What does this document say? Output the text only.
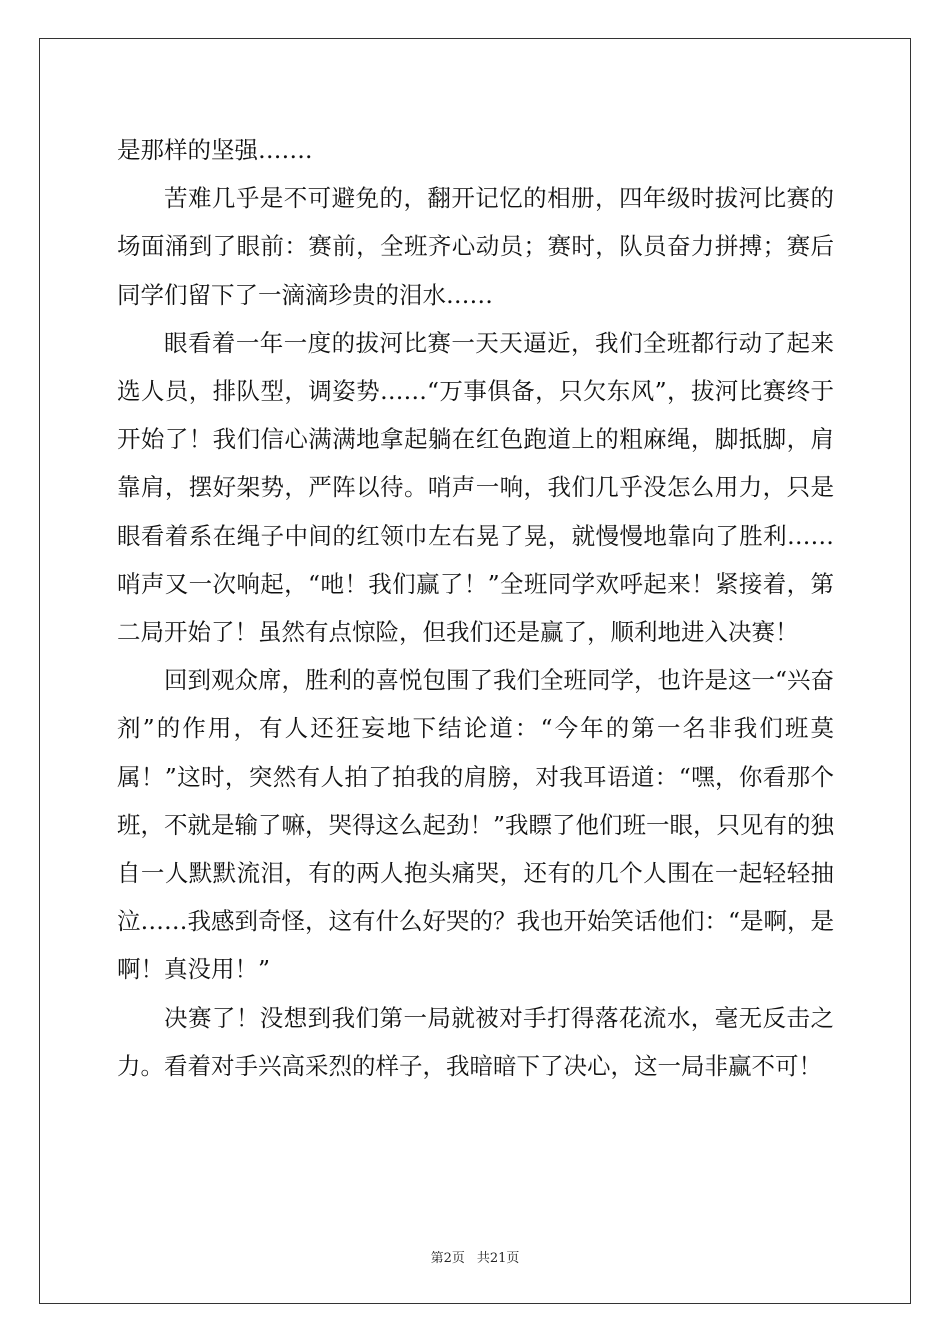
是那样的坚强…….

苦难几乎是不可避免的，翻开记忆的相册，四年级时拔河比赛的场面涌到了眼前：赛前，全班齐心动员；赛时，队员奋力拼搏；赛后同学们留下了一滴滴珍贵的泪水……

眼看着一年一度的拔河比赛一天天逼近，我们全班都行动了起来选人员，排队型，调姿势……“万事俱备，只欠东风”，拔河比赛终于开始了！我们信心满满地拿起躺在红色跑道上的粗麻绳，脚抵脚，肩靠肩，摆好架势，严阵以待。哨声一响，我们几乎没怎么用力，只是眼看着系在绳子中间的红领巾左右晃了晃，就慢慢地靠向了胜利……哨声又一次响起，“吔！我们赢了！”全班同学欢呼起来！紧接着，第二局开始了！虽然有点惊险，但我们还是赢了，顺利地进入决赛！

回到观众席，胜利的喜悦包围了我们全班同学，也许是这一“兴奋剂”的作用，有人还狂妄地下结论道：“今年的第一名非我们班莫属！”这时，突然有人拍了拍我的肩膀，对我耳语道：“嘿，你看那个班，不就是输了嘛，哭得这么起劲！”我瞟了他们班一眼，只见有的独自一人默默流泪，有的两人抱头痛哭，还有的几个人围在一起轻轻抽泣……我感到奇怪，这有什么好哭的？我也开始笑话他们：“是啊，是啊！真没用！”

决赛了！没想到我们第一局就被对手打得落花流水，毫无反击之力。看着对手兴高采烈的样子，我暗暗下了决心，这一局非赢不可！

第2页 共21页
